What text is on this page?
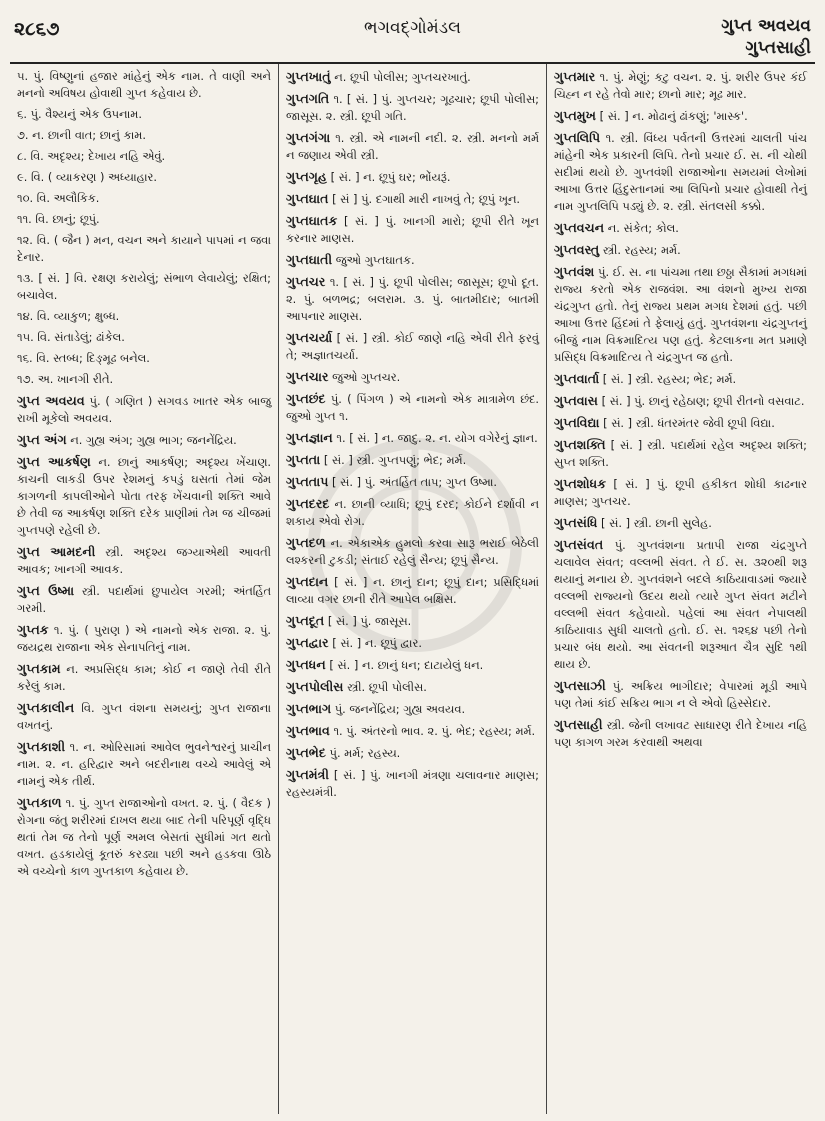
૨૮૬૭	ભગવદ્ગોમંડલ	ગુપ્ત અવયવ
ગુપ્તસાહી

૫. પું. વિષ્ણુનાં હજાર માંહેનું એક નામ. તે વાણી અને મનનો અવિષય હોવાથી ગુપ્ત કહેવાય છે.

૬. પું. વૈશ્યનું એક ઉપનામ.

૭. ન. છાની વાત; છાનું કામ.

૮. વિ. અદૃશ્ય; દેખાય નહિ એવું.

૯. વિ. ( વ્યાકરણ ) અધ્યાહાર.

૧૦. વિ. અલૌકિક.

૧૧. વિ. છાનું; છૂપું.

૧૨. વિ. ( જૈન ) મન, વચન અને કાયાને પાપમાં ન જવા દેનાર.

૧૩. [ સં. ] વિ. રક્ષણ કરાયેલું; સંભાળ લેવાયેલું; રક્ષિત; બચાવેલ.

૧૪. વિ. વ્યાકુળ; ક્ષુબ્ધ.

૧૫. વિ. સંતાડેલું; ઢાંકેલ.

૧૬. વિ. સ્તબ્ધ; દિઙ્મૂઢ બનેલ.

૧૭. અ. ખાનગી રીતે.

ગુપ્ત અવયવ પું. ( ગણિત ) સગવડ ખાતર એક બાજુ રાખી મૂકેલો અવયવ.

ગુપ્ત અંગ ન. ગુહ્ય અંગ; ગુહ્ય ભાગ; જનનેંદ્રિય.

ગુપ્ત આકર્ષણ ન. છાનું આકર્ષણ; અદૃશ્ય ખેંચાણ. કાચની લાકડી ઉપર રેશમનું કપડું ઘસતાં તેમાં જેમ કાગળની કાપલીઓને પોતા તરફ ખેંચવાની શક્તિ આવે છે તેવી જ આકર્ષણ શક્તિ દરેક પ્રાણીમાં તેમ જ ચીજમાં ગુપ્તપણે રહેલી છે.

ગુપ્ત આમદની સ્ત્રી. અદૃશ્ય જગ્યાએથી આવતી આવક; ખાનગી આવક.

ગુપ્ત ઉષ્મા સ્ત્રી. પદાર્થમાં છુપાયેલ ગરમી; અંતર્હિત ગરમી.

ગુપ્તક ૧. પું. ( પુરાણ ) એ નામનો એક રાજા. ૨. પું. જયદ્રથ રાજાના એક સેનાપતિનું નામ.

ગુપ્તકામ ન. અપ્રસિદ્ધ કામ; કોઈ ન જાણે તેવી રીતે કરેલું કામ.

ગુપ્તકાલીન વિ. ગુપ્ત વંશના સમયનું; ગુપ્ત રાજાના વખતનું.

ગુપ્તકાશી ૧. ન. ઓરિસામાં આવેલ ભુવનેશ્વરનું પ્રાચીન નામ. ૨. ન. હરિદ્વાર અને બદરીનાથ વચ્ચે આવેલું એ નામનું એક તીર્થ.

ગુપ્તકાળ ૧. પું. ગુપ્ત રાજાઓનો વખત. ૨. પું. ( વૈદક ) રોગના જંતુ શરીરમાં દાખલ થયા બાદ તેની પરિપૂર્ણ વૃદ્ધિ થતાં તેમ જ તેનો પૂર્ણ અમલ બેસતાં સુધીમાં ગત થતો વખત. હડકાયેલું કૂતરું કરડ્યા પછી અને હડકવા ઊઠે એ વચ્ચેનો કાળ ગુપ્તકાળ કહેવાય છે.

ગુપ્તખાતું ન. છૂપી પોલીસ; ગુપ્તચરખાતું.

ગુપ્તગતિ ૧. [ સં. ] પું. ગુપ્તચર; ગૂઢચાર; છૂપી પોલીસ; જાસૂસ. ૨. સ્ત્રી. છૂપી ગતિ.

ગુપ્તગંગા ૧. સ્ત્રી. એ નામની નદી. ૨. સ્ત્રી. મનનો મર્મ ન જણાય એવી સ્ત્રી.

ગુપ્તગૃહ [ સં. ] ન. છૂપું ઘર; ભોંયરૂં.

ગુપ્તઘાત [ સં ] પું. દગાથી મારી નાખવું તે; છૂપું ખૂન.

ગુપ્તઘાતક [ સં. ] પું. ખાનગી મારો; છૂપી રીતે ખૂન કરનાર માણસ.

ગુપ્તઘાતી જુઓ ગુપ્તઘાતક.

ગુપ્તચર ૧. [ સં. ] પું. છૂપી પોલીસ; જાસૂસ; છૂપો દૂત. ૨. પું. બળભદ્ર; બલરામ. ૩. પું. બાતમીદાર; બાતમી આપનાર માણસ.

ગુપ્તચર્યા [ સં. ] સ્ત્રી. કોઈ જાણે નહિ એવી રીતે ફરવું તે; અજ્ઞાતચર્યા.

ગુપ્તચાર જુઓ ગુપ્તચર.

ગુપ્તછંદ પું. ( પિંગળ ) એ નામનો એક માત્રામેળ છંદ. જુઓ ગુપ્ત ૧.

ગુપ્તજ્ઞાન ૧. [ સં. ] ન. જાદુ. ૨. ન. યોગ વગેરેનું જ્ઞાન.

ગુપ્તતા [ સં. ] સ્ત્રી. ગુપ્તપણું; ભેદ; મર્મ.

ગુપ્તતાપ [ સં. ] પું. અંતર્હિત તાપ; ગુપ્ત ઉષ્મા.

ગુપ્તદરદ ન. છાની વ્યાધિ; છૂપું દરદ; કોઈને દર્શાવી ન શકાય એવો રોગ.

ગુપ્તદળ ન. એકાએક હુમલો કરવા સારૂ ભરાઈ બેઠેલી લશ્કરની ટુકડી; સંતાઈ રહેલું સૈન્ય; છૂપું સૈન્ય.

ગુપ્તદાન [ સં. ] ન. છાનું દાન; છૂપું દાન; પ્રસિદ્ધિમાં લાવ્યા વગર છાની રીતે આપેલ બક્ષિસ.

ગુપ્તદૂત [ સં. ] પું. જાસૂસ.

ગુપ્તદ્વાર [ સં. ] ન. છૂપું દ્વાર.

ગુપ્તધન [ સં. ] ન. છાનું ધન; દાટાયેલું ધન.

ગુપ્તપોલીસ સ્ત્રી. છૂપી પોલીસ.

ગુપ્તભાગ પું. જનનેંદ્રિય; ગુહ્ય અવયવ.

ગુપ્તભાવ ૧. પું. અંતરનો ભાવ. ૨. પું. ભેદ; રહસ્ય; મર્મ.

ગુપ્તભેદ પું. મર્મ; રહસ્ય.

ગુપ્તમંત્રી [ સં. ] પું. ખાનગી મંત્રણા ચલાવનાર માણસ; રહસ્યમંત્રી.

ગુપ્તમાર ૧. પું. મેણું; કટુ વચન. ૨. પું. શરીર ઉપર કંઈ ચિહ્ન ન રહે તેવો માર; છાનો માર; મૂઢ માર.

ગુપ્તમુખ [ સં. ] ન. મોઢાનું ઢાંકણું; 'માસ્ક'.

ગુપ્તલિપિ ૧. સ્ત્રી. વિંધ્ય પર્વતની ઉત્તરમાં ચાલતી પાંચ માંહેની એક પ્રકારની લિપિ. તેનો પ્રચાર ઈ. સ. ની ચોથી સદીમાં થયો છે. ગુપ્તવંશી રાજાઓના સમયમાં લેખોમાં આખા ઉત્તર હિંદુસ્તાનમાં આ લિપિનો પ્રચાર હોવાથી તેનું નામ ગુપ્તલિપિ પડ્યું છે. ૨. સ્ત્રી. સંતલસી કક્કો.

ગુપ્તવચન ન. સંકેત; કોલ.

ગુપ્તવસ્તુ સ્ત્રી. રહસ્ય; મર્મ.

ગુપ્તવંશ પું. ઈ. સ. ના પાંચમા તથા છઠ્ઠા સૈકામાં મગધમાં રાજ્ય કરતો એક રાજવંશ. આ વંશનો મુખ્ય રાજા ચંદ્રગુપ્ત હતો. તેનું રાજ્ય પ્રથમ મગધ દેશમાં હતું. પછી આખા ઉત્તર હિંદમાં તે ફેલાયું હતું. ગુપ્તવંશના ચંદ્રગુપ્તનું બીજું નામ વિક્રમાદિત્ય પણ હતું. કેટલાકના મત પ્રમાણે પ્રસિદ્ધ વિક્રમાદિત્ય તે ચંદ્રગુપ્ત જ હતો.

ગુપ્તવાર્તા [ સં. ] સ્ત્રી. રહસ્ય; ભેદ; મર્મ.

ગુપ્તવાસ [ સં. ] પું. છાનું રહેઠાણ; છૂપી રીતનો વસવાટ.

ગુપ્તવિદ્યા [ સં. ] સ્ત્રી. ધંતરમંતર જેવી છૂપી વિદ્યા.

ગુપ્તશક્તિ [ સં. ] સ્ત્રી. પદાર્થમાં રહેલ અદૃશ્ય શક્તિ; સુપ્ત શક્તિ.

ગુપ્તશોધક [ સં. ] પું. છૂપી હકીકત શોધી કાઢનાર માણસ; ગુપ્તચર.

ગુપ્તસંધિ [ સં. ] સ્ત્રી. છાની સુલેહ.

ગુપ્તસંવત પું. ગુપ્તવંશના પ્રતાપી રાજા ચંદ્રગુપ્તે ચલાવેલ સંવત; વલ્લભી સંવત. તે ઈ. સ. ૩૨૦થી શરૂ થયાનું મનાય છે. ગુપ્તવંશને બદલે કાઠિયાવાડમાં જ્યારે વલ્લભી રાજ્યનો ઉદય થયો ત્યારે ગુપ્ત સંવત મટીને વલ્લભી સંવત કહેવાયો. પહેલાં આ સંવત નેપાલથી કાઠિયાવાડ સુધી ચાલતો હતો. ઈ. સ. ૧૨૬૪ પછી તેનો પ્રચાર બંધ થયો. આ સંવતની શરૂઆત ચૈત્ર સુદિ ૧થી થાય છે.

ગુપ્તસાઝી પું. અક્રિય ભાગીદાર; વેપારમાં મૂડી આપે પણ તેમાં કાંઈ સક્રિય ભાગ ન લે એવો હિસ્સેદાર.

ગુપ્તસાહી સ્ત્રી. જેની લખાવટ સાધારણ રીતે દેખાય નહિ પણ કાગળ ગરમ કરવાથી અથવા
